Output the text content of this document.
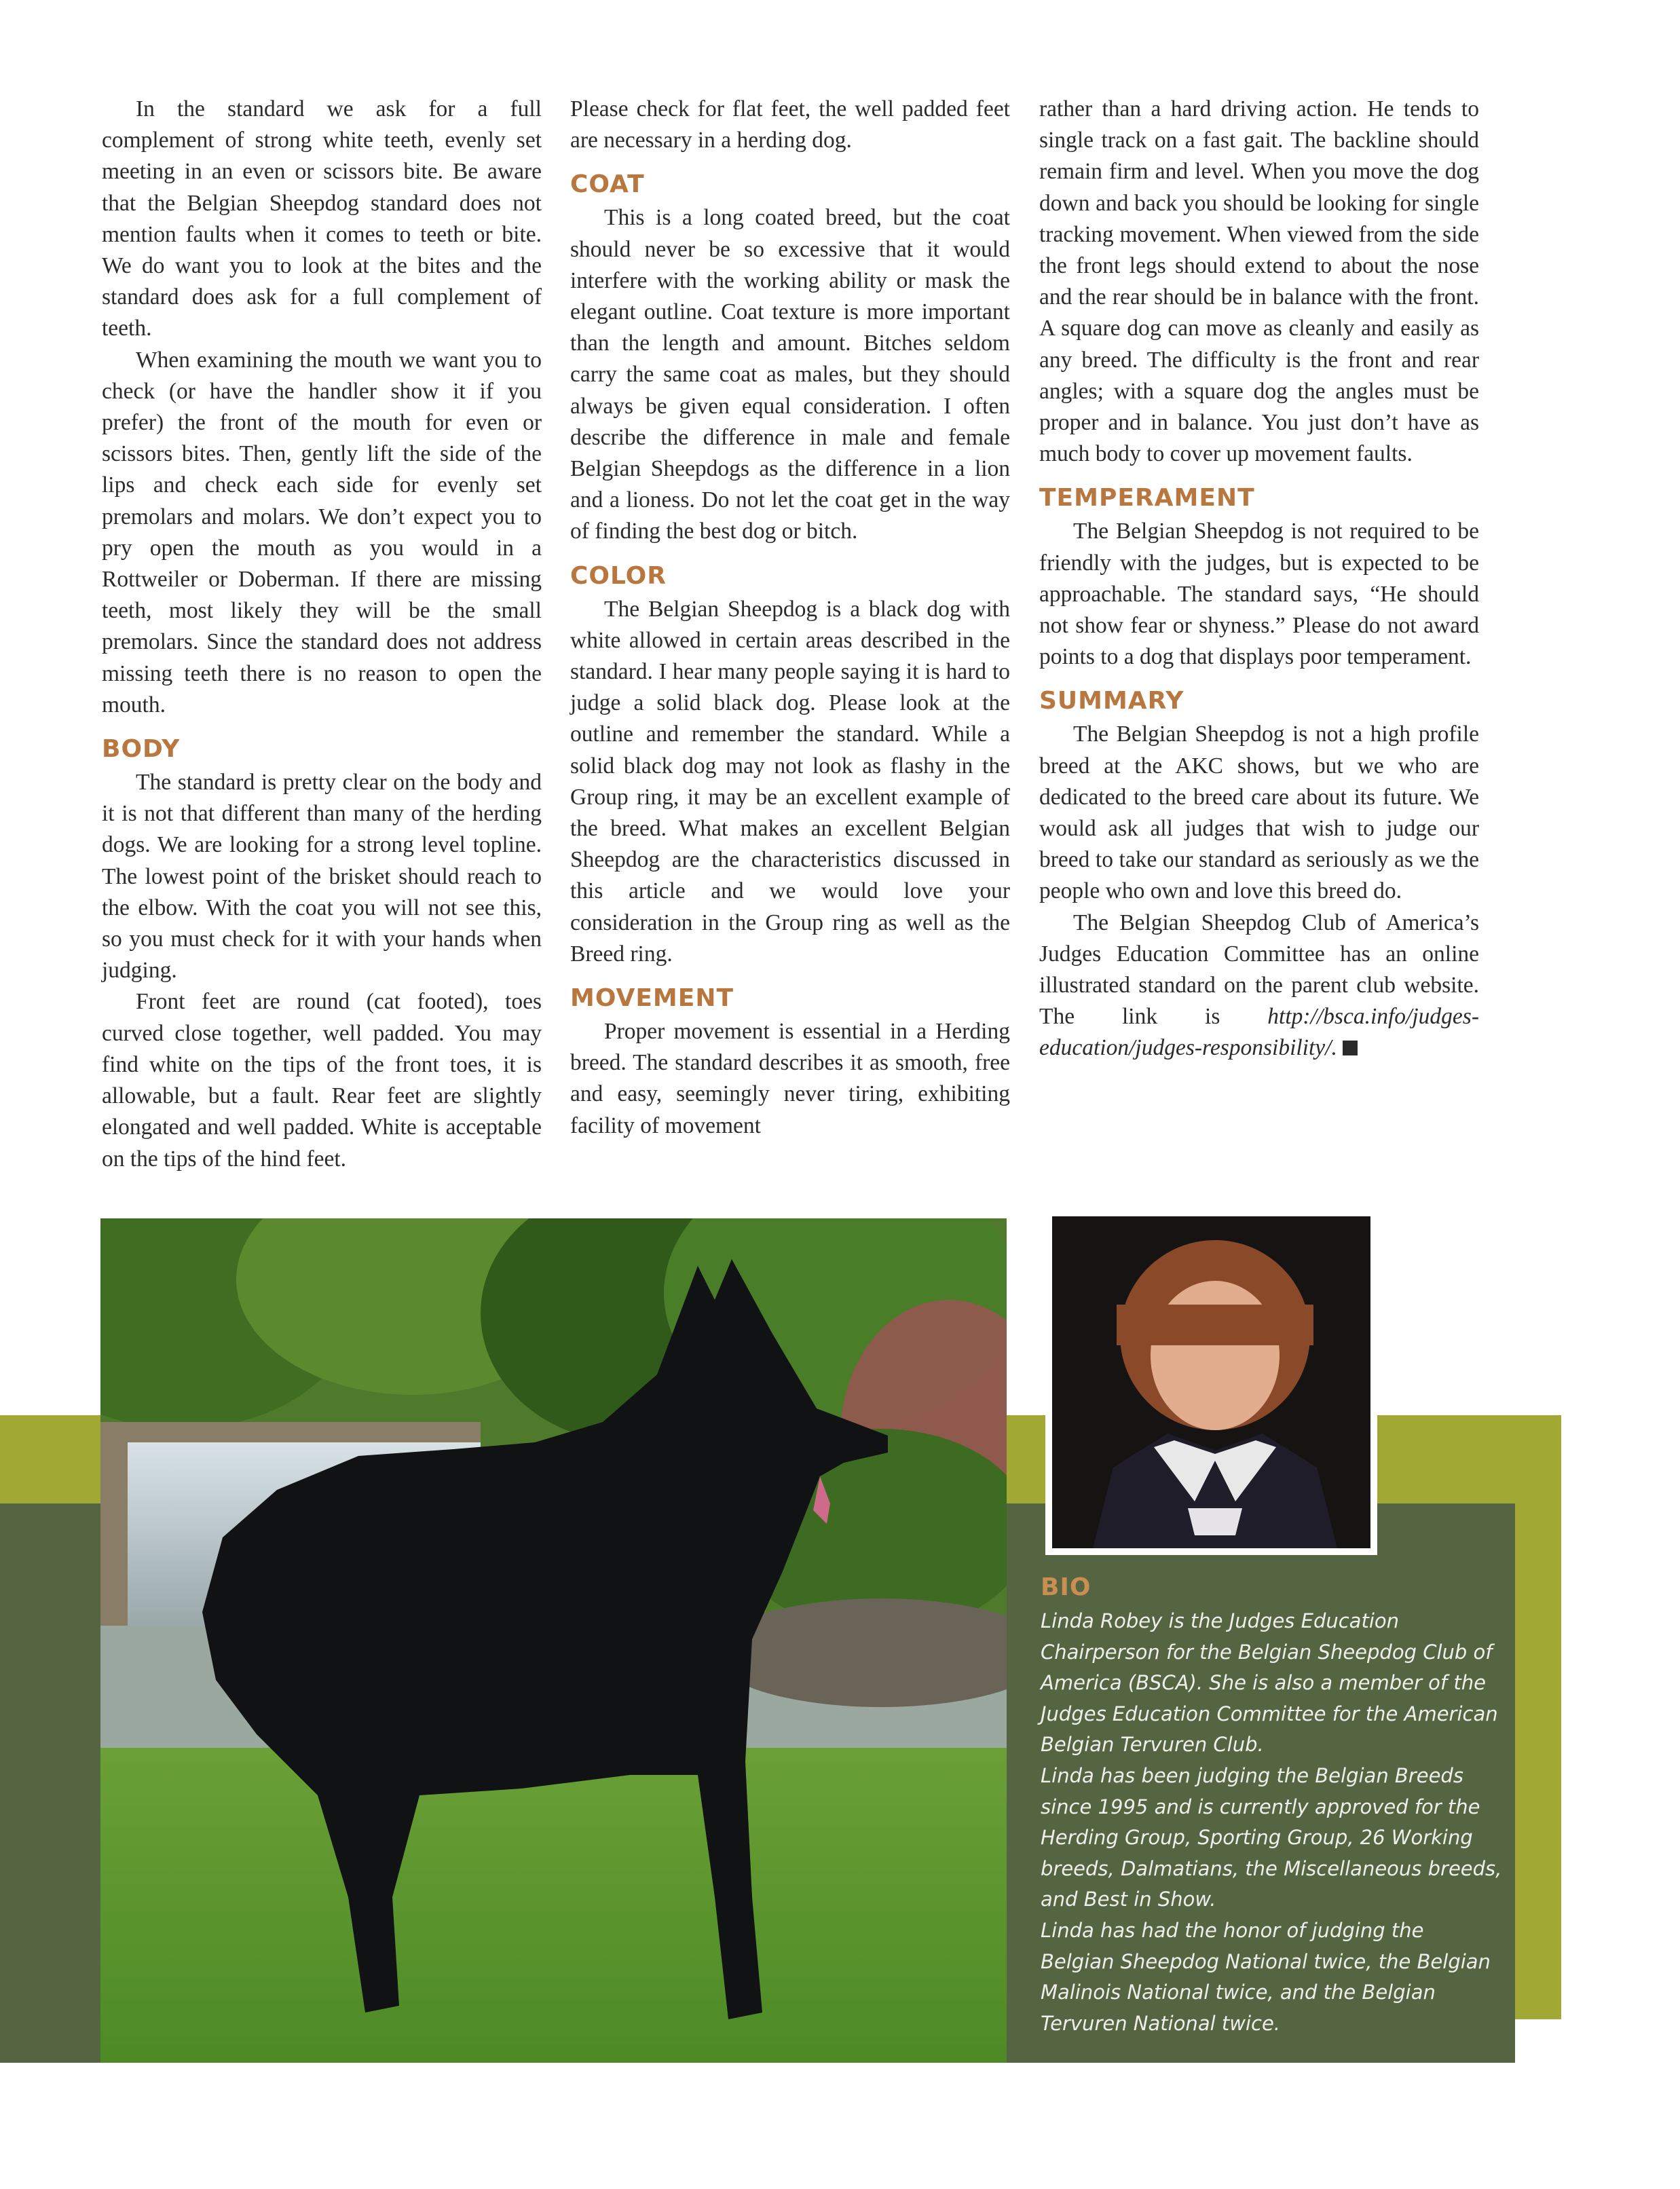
In the standard we ask for a full complement of strong white teeth, evenly set meeting in an even or scissors bite. Be aware that the Belgian Sheepdog standard does not mention faults when it comes to teeth or bite. We do want you to look at the bites and the standard does ask for a full complement of teeth.

When examining the mouth we want you to check (or have the handler show it if you prefer) the front of the mouth for even or scissors bites. Then, gently lift the side of the lips and check each side for evenly set premolars and molars. We don’t expect you to pry open the mouth as you would in a Rottweiler or Doberman. If there are missing teeth, most likely they will be the small premolars. Since the standard does not address missing teeth there is no reason to open the mouth.

BODY

The standard is pretty clear on the body and it is not that different than many of the herding dogs. We are looking for a strong level topline. The lowest point of the brisket should reach to the elbow. With the coat you will not see this, so you must check for it with your hands when judging.

Front feet are round (cat footed), toes curved close together, well padded. You may find white on the tips of the front toes, it is allowable, but a fault. Rear feet are slightly elongated and well padded. White is acceptable on the tips of the hind feet.

Please check for flat feet, the well padded feet are necessary in a herding dog.

COAT

This is a long coated breed, but the coat should never be so excessive that it would interfere with the working ability or mask the elegant outline. Coat texture is more important than the length and amount. Bitches seldom carry the same coat as males, but they should always be given equal consideration. I often describe the difference in male and female Belgian Sheepdogs as the difference in a lion and a lioness. Do not let the coat get in the way of finding the best dog or bitch.

COLOR

The Belgian Sheepdog is a black dog with white allowed in certain areas described in the standard. I hear many people saying it is hard to judge a solid black dog. Please look at the outline and remember the standard. While a solid black dog may not look as flashy in the Group ring, it may be an excellent example of the breed. What makes an excellent Belgian Sheepdog are the characteristics discussed in this article and we would love your consideration in the Group ring as well as the Breed ring.

MOVEMENT

Proper movement is essential in a Herding breed. The standard describes it as smooth, free and easy, seemingly never tiring, exhibiting facility of movement

rather than a hard driving action. He tends to single track on a fast gait. The backline should remain firm and level. When you move the dog down and back you should be looking for single tracking movement. When viewed from the side the front legs should extend to about the nose and the rear should be in balance with the front. A square dog can move as cleanly and easily as any breed. The difficulty is the front and rear angles; with a square dog the angles must be proper and in balance. You just don’t have as much body to cover up movement faults.

TEMPERAMENT

The Belgian Sheepdog is not required to be friendly with the judges, but is expected to be approachable. The standard says, “He should not show fear or shyness.” Please do not award points to a dog that displays poor temperament.

SUMMARY

The Belgian Sheepdog is not a high profile breed at the AKC shows, but we who are dedicated to the breed care about its future. We would ask all judges that wish to judge our breed to take our standard as seriously as we the people who own and love this breed do.

The Belgian Sheepdog Club of America’s Judges Education Committee has an online illustrated standard on the parent club website. The link is http://bsca.info/judges-education/judges-responsibility/.

BIO

Linda Robey is the Judges Education Chairperson for the Belgian Sheepdog Club of America (BSCA). She is also a member of the Judges Education Committee for the American Belgian Tervuren Club.

Linda has been judging the Belgian Breeds since 1995 and is currently approved for the Herding Group, Sporting Group, 26 Working breeds, Dalmatians, the Miscellaneous breeds, and Best in Show.

Linda has had the honor of judging the Belgian Sheepdog National twice, the Belgian Malinois National twice, and the Belgian Tervuren National twice.
